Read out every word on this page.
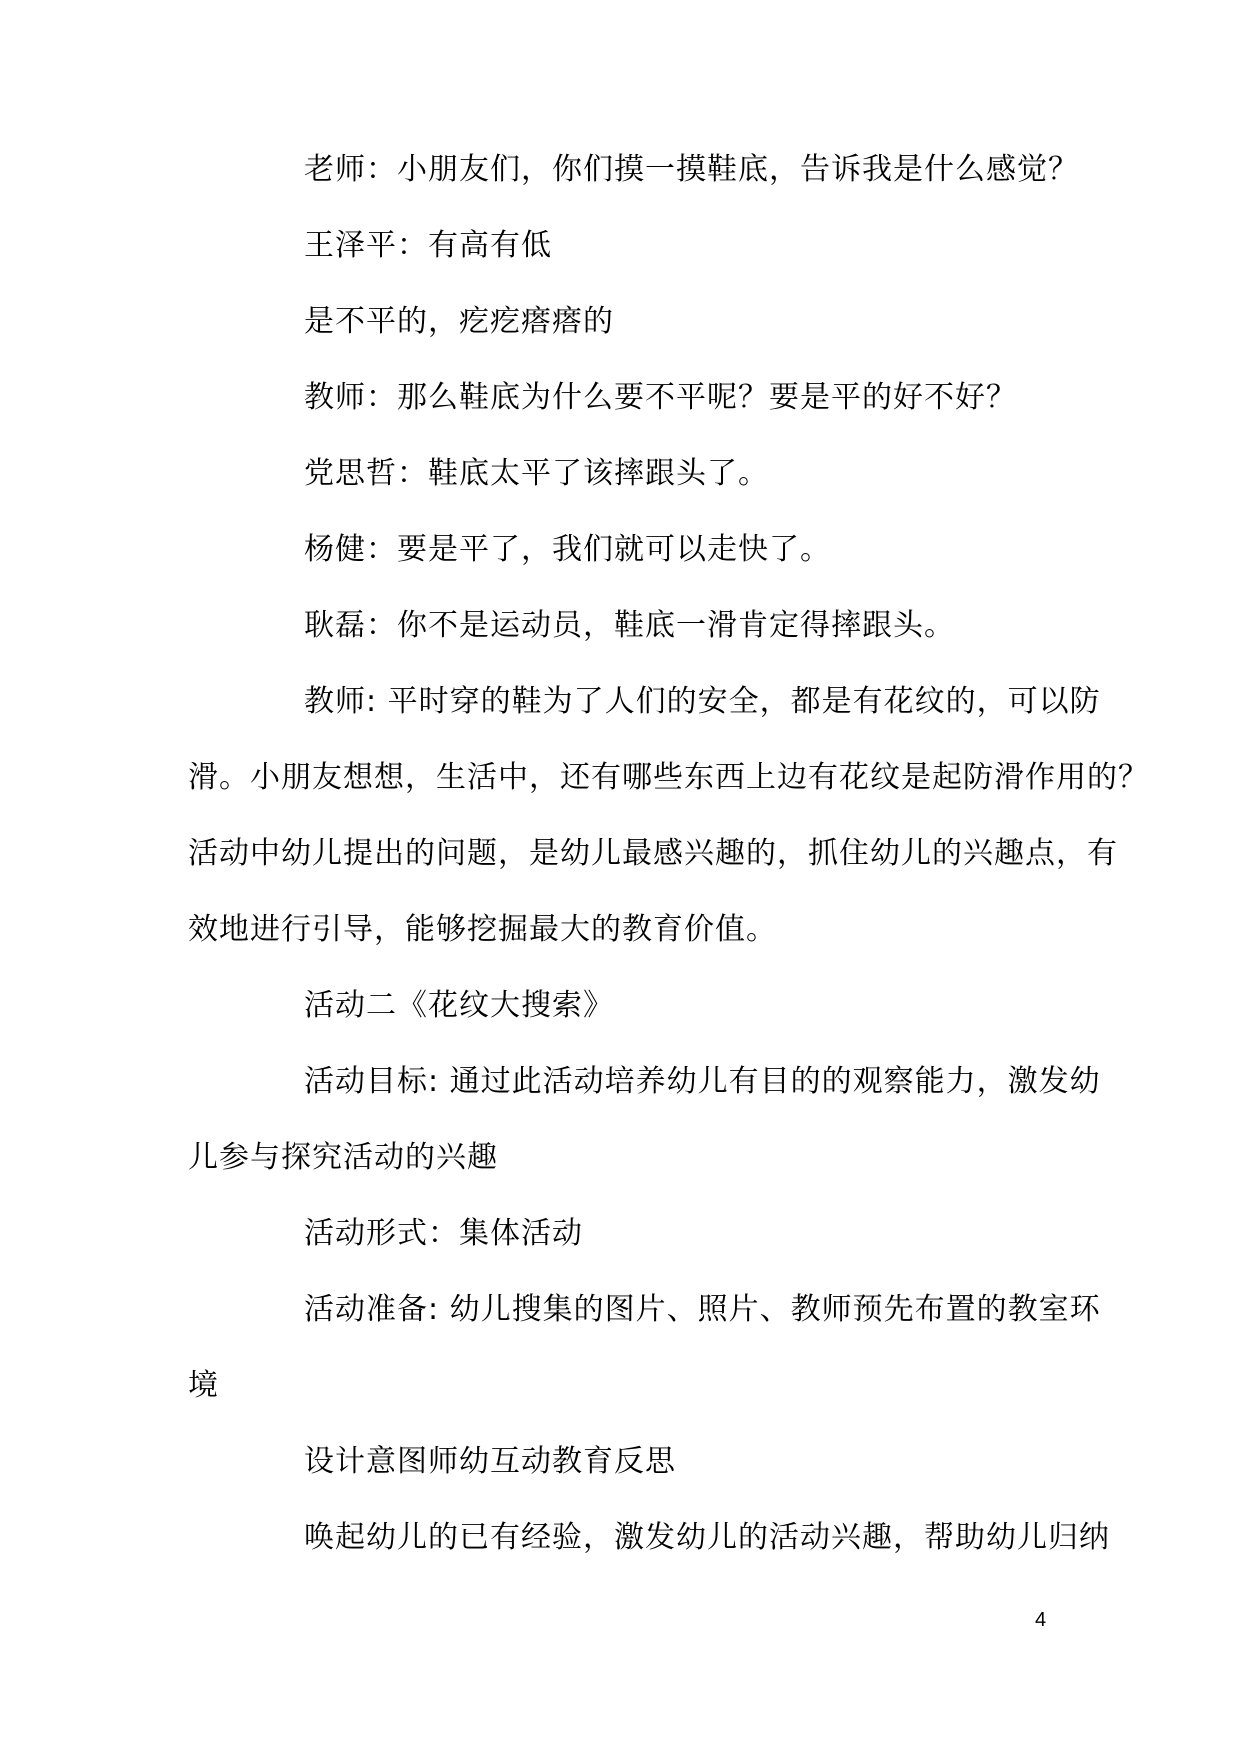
老师：小朋友们，你们摸一摸鞋底，告诉我是什么感觉？
王泽平：有高有低
是不平的，疙疙瘩瘩的
教师：那么鞋底为什么要不平呢？要是平的好不好？
党思哲：鞋底太平了该摔跟头了。
杨健：要是平了，我们就可以走快了。
耿磊：你不是运动员，鞋底一滑肯定得摔跟头。
教师: 平时穿的鞋为了人们的安全，都是有花纹的，可以防
滑。小朋友想想，生活中，还有哪些东西上边有花纹是起防滑作用的？
活动中幼儿提出的问题，是幼儿最感兴趣的，抓住幼儿的兴趣点，有
效地进行引导，能够挖掘最大的教育价值。
活动二《花纹大搜索》
活动目标: 通过此活动培养幼儿有目的的观察能力，激发幼
儿参与探究活动的兴趣
活动形式：集体活动
活动准备: 幼儿搜集的图片、照片、教师预先布置的教室环
境
设计意图师幼互动教育反思
唤起幼儿的已有经验，激发幼儿的活动兴趣，帮助幼儿归纳
4
